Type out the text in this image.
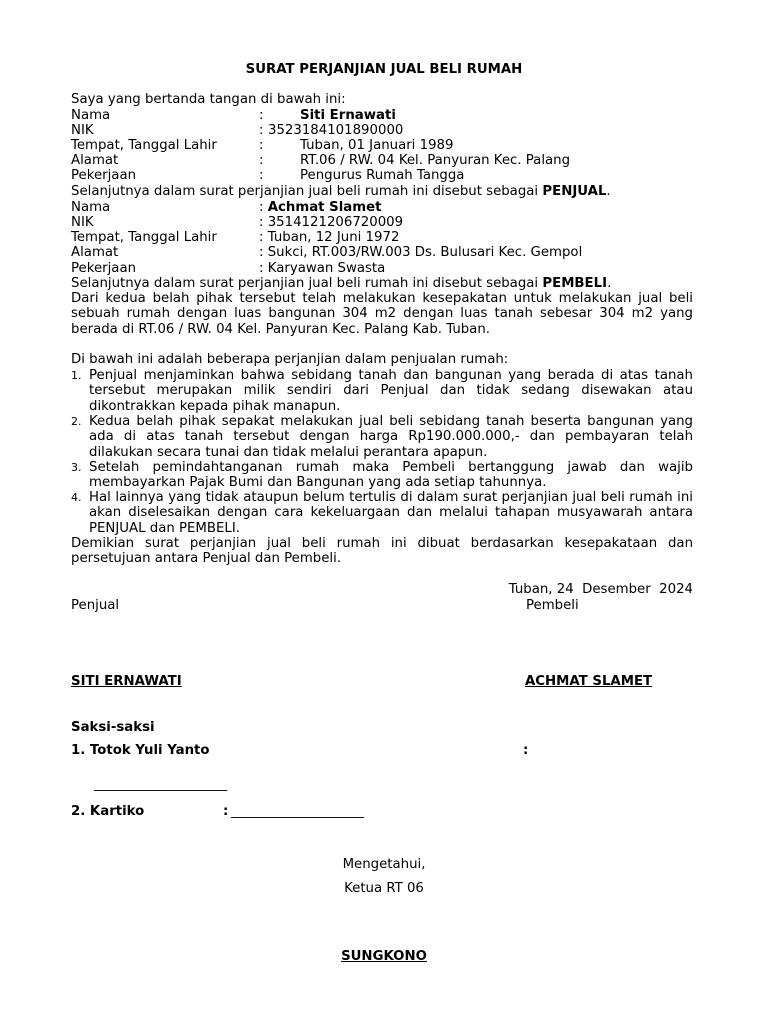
SURAT PERJANJIAN JUAL BELI RUMAH
Saya yang bertanda tangan di bawah ini:
Nama	:	Siti Ernawati
NIK	: 3523184101890000
Tempat, Tanggal Lahir	:	Tuban, 01 Januari 1989
Alamat	:	RT.06 / RW. 04 Kel. Panyuran Kec. Palang
Pekerjaan	:	Pengurus Rumah Tangga
Selanjutnya dalam surat perjanjian jual beli rumah ini disebut sebagai PENJUAL.
Nama	: Achmat Slamet
NIK	: 3514121206720009
Tempat, Tanggal Lahir	: Tuban, 12 Juni 1972
Alamat	: Sukci, RT.003/RW.003 Ds. Bulusari Kec. Gempol
Pekerjaan	: Karyawan Swasta
Selanjutnya dalam surat perjanjian jual beli rumah ini disebut sebagai PEMBELI.
Dari kedua belah pihak tersebut telah melakukan kesepakatan untuk melakukan jual beli sebuah rumah dengan luas bangunan 304 m2 dengan luas tanah sebesar 304 m2 yang berada di RT.06 / RW. 04 Kel. Panyuran Kec. Palang Kab. Tuban.
Di bawah ini adalah beberapa perjanjian dalam penjualan rumah:
1. Penjual menjaminkan bahwa sebidang tanah dan bangunan yang berada di atas tanah tersebut merupakan milik sendiri dari Penjual dan tidak sedang disewakan atau dikontrakkan kepada pihak manapun.
2. Kedua belah pihak sepakat melakukan jual beli sebidang tanah beserta bangunan yang ada di atas tanah tersebut dengan harga Rp190.000.000,- dan pembayaran telah dilakukan secara tunai dan tidak melalui perantara apapun.
3. Setelah pemindahtanganan rumah maka Pembeli bertanggung jawab dan wajib membayarkan Pajak Bumi dan Bangunan yang ada setiap tahunnya.
4. Hal lainnya yang tidak ataupun belum tertulis di dalam surat perjanjian jual beli rumah ini akan diselesaikan dengan cara kekeluargaan dan melalui tahapan musyawarah antara PENJUAL dan PEMBELI.
Demikian surat perjanjian jual beli rumah ini dibuat berdasarkan kesepakataan dan persetujuan antara Penjual dan Pembeli.
Tuban, 24  Desember  2024
Penjual	Pembeli
SITI ERNAWATI	ACHMAT SLAMET
Saksi-saksi
1. Totok Yuli Yanto	:
____________________
2. Kartiko	: ____________________
Mengetahui,
Ketua RT 06
SUNGKONO
